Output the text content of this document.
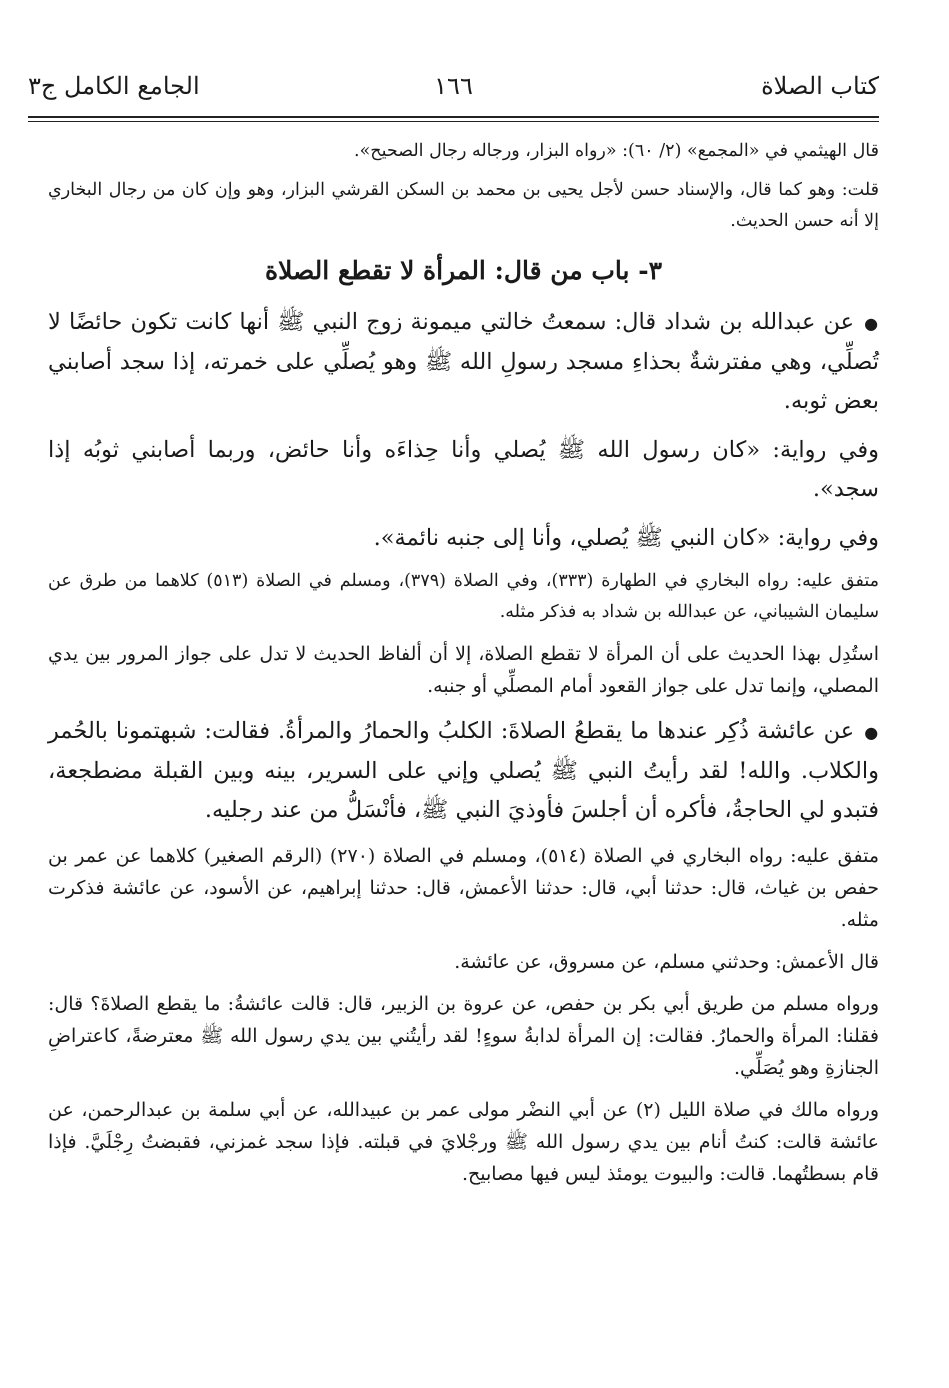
كتاب الصلاة
١٦٦
الجامع الكامل ج٣

قال الهيثمي في «المجمع» (٢/ ٦٠): «رواه البزار، ورجاله رجال الصحيح».

قلت: وهو كما قال، والإسناد حسن لأجل يحيى بن محمد بن السكن القرشي البزار، وهو وإن كان من رجال البخاري إلا أنه حسن الحديث.

٣- باب من قال: المرأة لا تقطع الصلاة

●عن عبدالله بن شداد قال: سمعتُ خالتي ميمونة زوج النبي ﷺ أنها كانت تكون حائضًا لا تُصلِّي، وهي مفترشةٌ بحذاءِ مسجد رسولِ الله ﷺ وهو يُصلِّي على خمرته، إذا سجد أصابني بعض ثوبه.

وفي رواية: «كان رسول الله ﷺ يُصلي وأنا حِذاءَه وأنا حائض، وربما أصابني ثوبُه إذا سجد».

وفي رواية: «كان النبي ﷺ يُصلي، وأنا إلى جنبه نائمة».

متفق عليه: رواه البخاري في الطهارة (٣٣٣)، وفي الصلاة (٣٧٩)، ومسلم في الصلاة (٥١٣) كلاهما من طرق عن سليمان الشيباني، عن عبدالله بن شداد به فذكر مثله.

استُدِل بهذا الحديث على أن المرأة لا تقطع الصلاة، إلا أن ألفاظ الحديث لا تدل على جواز المرور بين يدي المصلي، وإنما تدل على جواز القعود أمام المصلِّي أو جنبه.

●عن عائشة ذُكِر عندها ما يقطعُ الصلاةَ: الكلبُ والحمارُ والمرأةُ. فقالت: شبهتمونا بالحُمر والكلاب. والله! لقد رأيتُ النبي ﷺ يُصلي وإني على السرير، بينه وبين القبلة مضطجعة، فتبدو لي الحاجةُ، فأكره أن أجلسَ فأوذيَ النبي ﷺ، فأنْسَلُّ من عند رجليه.

متفق عليه: رواه البخاري في الصلاة (٥١٤)، ومسلم في الصلاة (٢٧٠) (الرقم الصغير) كلاهما عن عمر بن حفص بن غياث، قال: حدثنا أبي، قال: حدثنا الأعمش، قال: حدثنا إبراهيم، عن الأسود، عن عائشة فذكرت مثله.

قال الأعمش: وحدثني مسلم، عن مسروق، عن عائشة.

ورواه مسلم من طريق أبي بكر بن حفص، عن عروة بن الزبير، قال: قالت عائشةُ: ما يقطع الصلاةَ؟ قال: فقلنا: المرأة والحمارُ. فقالت: إن المرأة لدابةُ سوءٍ! لقد رأيتُني بين يدي رسول الله ﷺ معترضةً، كاعتراضِ الجنازةِ وهو يُصَلِّي.

ورواه مالك في صلاة الليل (٢) عن أبي النضْر مولى عمر بن عبيدالله، عن أبي سلمة بن عبدالرحمن، عن عائشة قالت: كنتُ أنام بين يدي رسول الله ﷺ ورجْلايَ في قبلته. فإذا سجد غمزني، فقبضتُ رِجْلَيَّ. فإذا قام بسطتُهما. قالت: والبيوت يومئذ ليس فيها مصابيح.
